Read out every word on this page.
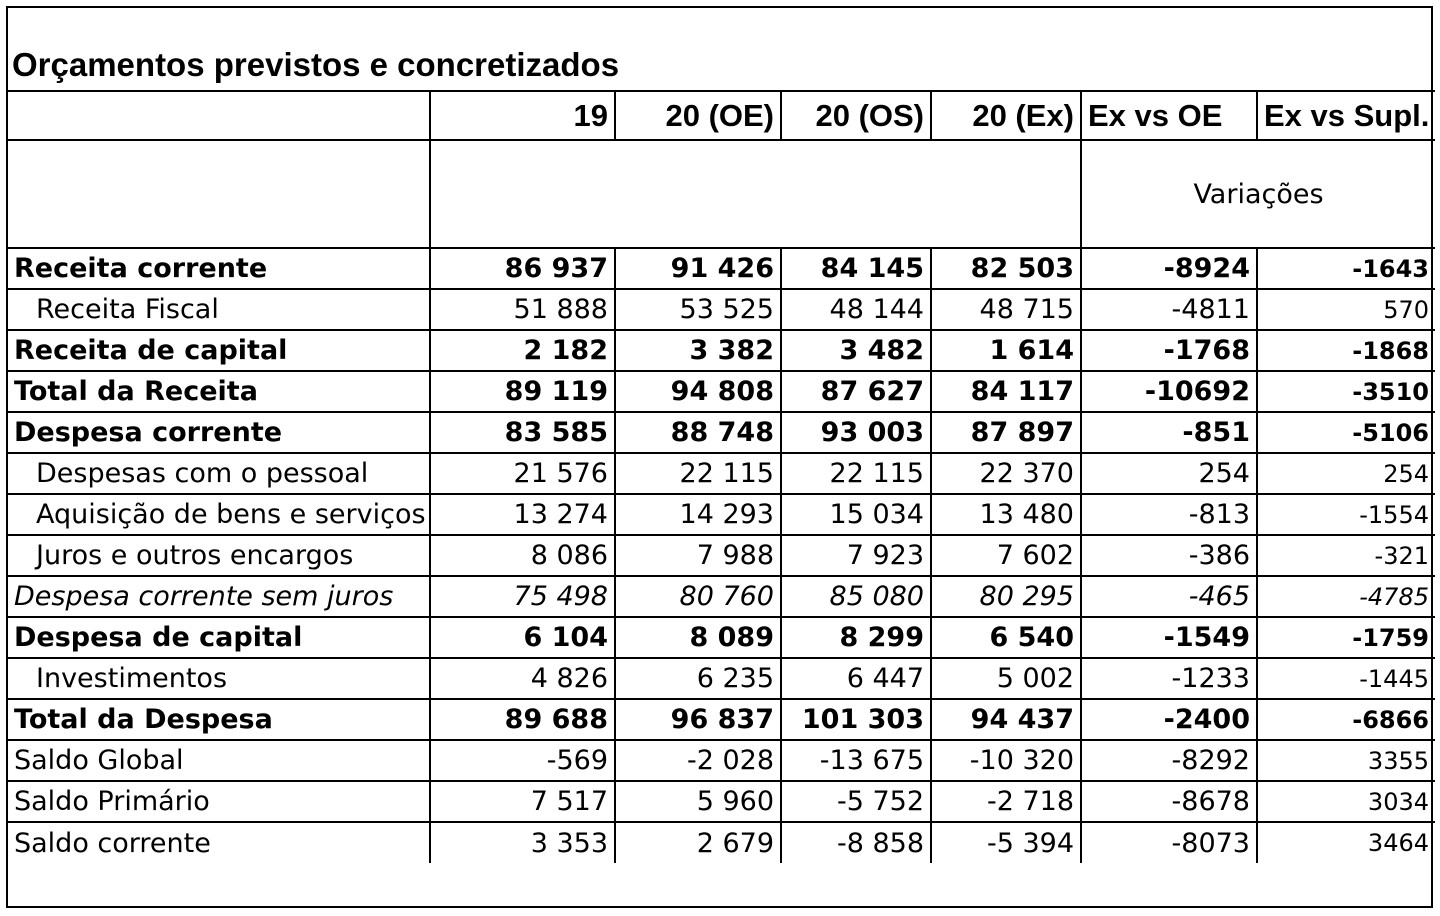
Orçamentos previstos e concretizados
	19	20 (OE)	20 (OS)	20 (Ex)	Ex vs OE	Ex vs Supl.
					Variações	
Receita corrente	86 937	91 426	84 145	82 503	-8924	-1643
Receita Fiscal	51 888	53 525	48 144	48 715	-4811	570
Receita de capital	2 182	3 382	3 482	1 614	-1768	-1868
Total da Receita	89 119	94 808	87 627	84 117	-10692	-3510
Despesa corrente	83 585	88 748	93 003	87 897	-851	-5106
Despesas com o pessoal	21 576	22 115	22 115	22 370	254	254
Aquisição de bens e serviços	13 274	14 293	15 034	13 480	-813	-1554
Juros e outros encargos	8 086	7 988	7 923	7 602	-386	-321
Despesa corrente sem juros	75 498	80 760	85 080	80 295	-465	-4785
Despesa de capital	6 104	8 089	8 299	6 540	-1549	-1759
Investimentos	4 826	6 235	6 447	5 002	-1233	-1445
Total da Despesa	89 688	96 837	101 303	94 437	-2400	-6866
Saldo Global	-569	-2 028	-13 675	-10 320	-8292	3355
Saldo Primário	7 517	5 960	-5 752	-2 718	-8678	3034
Saldo corrente	3 353	2 679	-8 858	-5 394	-8073	3464
